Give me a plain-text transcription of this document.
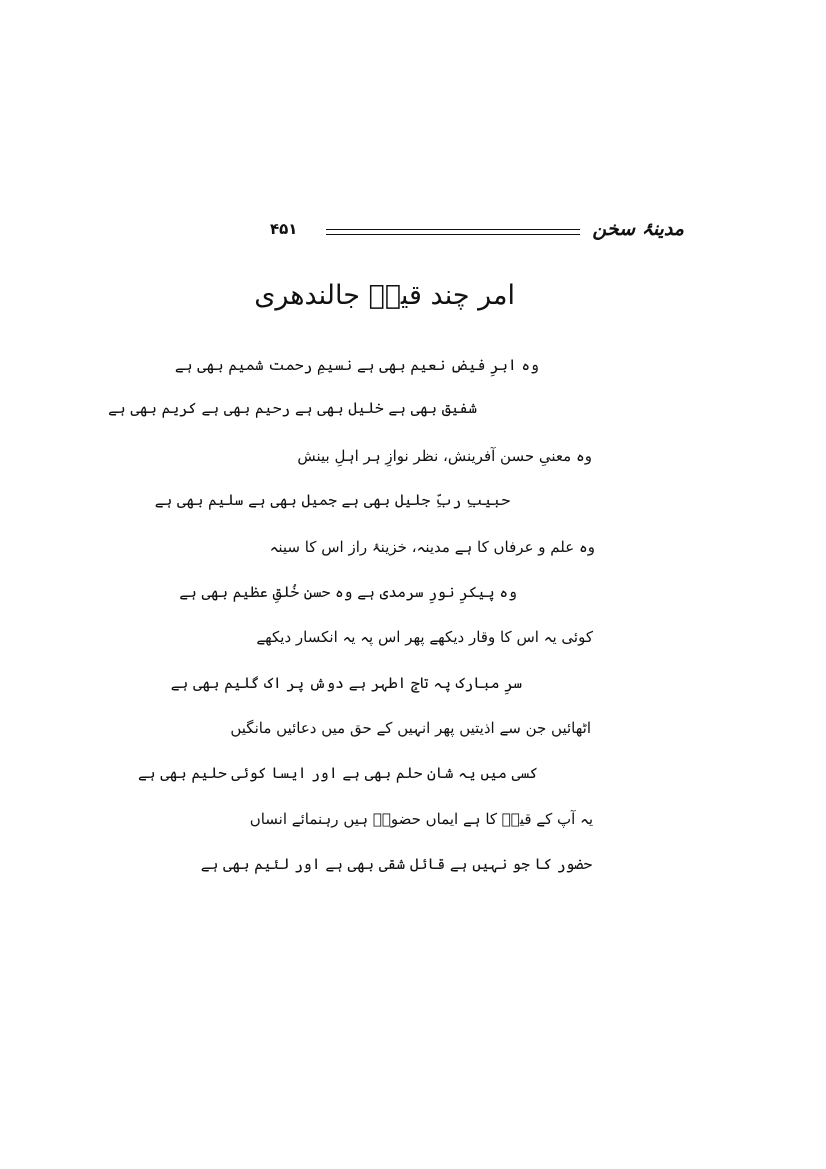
۴۵۱	مدینۂ سخن
امر چند قیسؔ جالندھری
وہ ابرِ فیضِ نعیم بھی ہے نسیمِ رحمت شمیم بھی ہے
شفیق بھی ہے خلیل بھی ہے رحیم بھی ہے کریم بھی ہے
وہ معنیِ حسن آفرینش، نظر نوازِ ہر اہلِ بینش
حبیبِ ربِّ جلیل بھی ہے جمیل بھی ہے سلیم بھی ہے
وہ علم و عرفاں کا ہے مدینہ، خزینۂ راز اس کا سینہ
وہ پیکرِ نورِ سرمدی ہے وہ حسنِ خُلقِ عظیم بھی ہے
کوئی یہ اس کا وقار دیکھے پھر اس پہ یہ انکسار دیکھے
سرِ مبارک پہ تاجِ اطہر ہے دوش پر اک گلیم بھی ہے
اٹھائیں جن سے اذیتیں پھر انہیں کے حق میں دعائیں مانگیں
کسی میں یہ شانِ حلم بھی ہے اور ایسا کوئی حلیم بھی ہے
یہ آپ کے قیسؔ کا ہے ایماں حضورؐ ہیں رہنمائے انساں
حضور کا جو نہیں ہے قائل شقی بھی ہے اور لئیم بھی ہے
